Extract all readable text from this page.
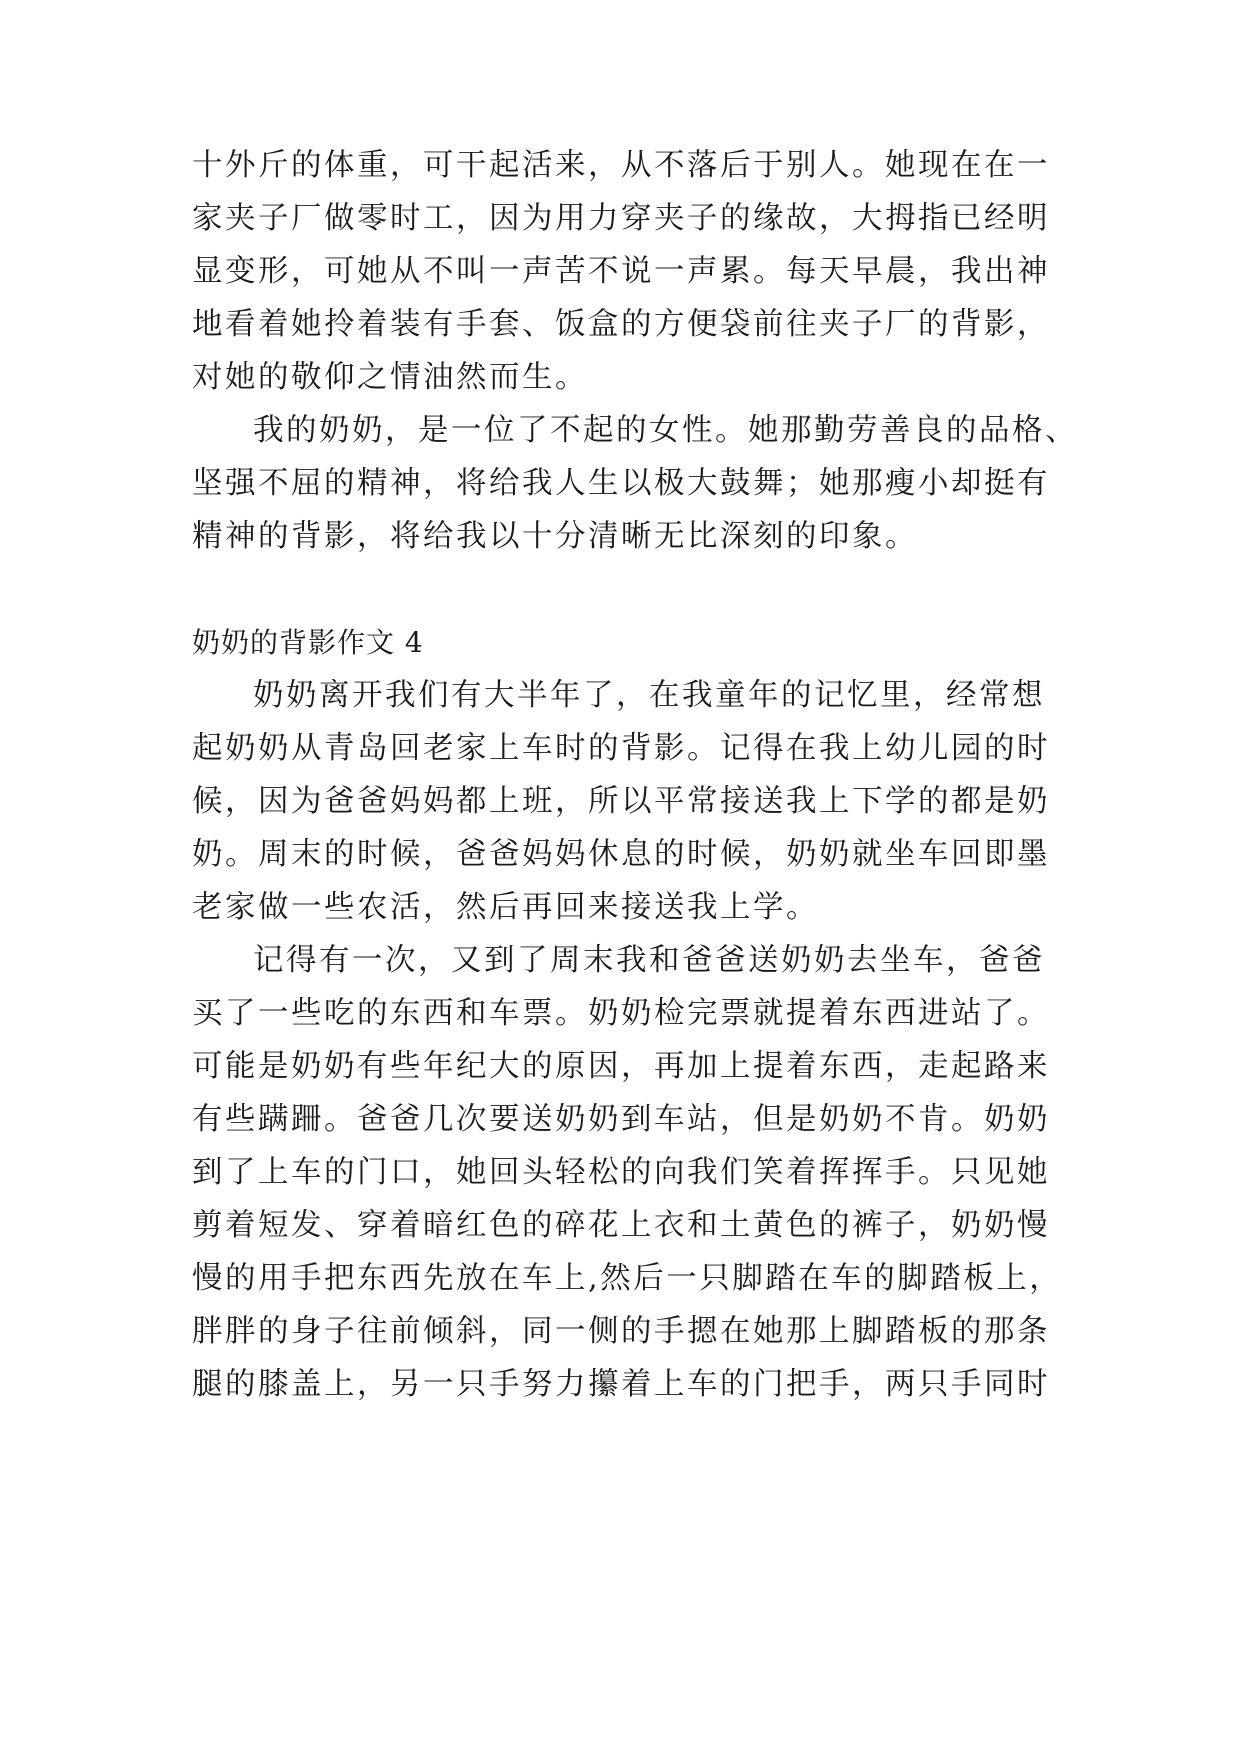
十外斤的体重，可干起活来，从不落后于别人。她现在在一
家夹子厂做零时工，因为用力穿夹子的缘故，大拇指已经明
显变形，可她从不叫一声苦不说一声累。每天早晨，我出神
地看着她拎着装有手套、饭盒的方便袋前往夹子厂的背影，
对她的敬仰之情油然而生。
我的奶奶，是一位了不起的女性。她那勤劳善良的品格、
坚强不屈的精神，将给我人生以极大鼓舞；她那瘦小却挺有
精神的背影，将给我以十分清晰无比深刻的印象。
奶奶的背影作文 4
奶奶离开我们有大半年了，在我童年的记忆里，经常想
起奶奶从青岛回老家上车时的背影。记得在我上幼儿园的时
候，因为爸爸妈妈都上班，所以平常接送我上下学的都是奶
奶。周末的时候，爸爸妈妈休息的时候，奶奶就坐车回即墨
老家做一些农活，然后再回来接送我上学。
记得有一次，又到了周末我和爸爸送奶奶去坐车，爸爸
买了一些吃的东西和车票。奶奶检完票就提着东西进站了。
可能是奶奶有些年纪大的原因，再加上提着东西，走起路来
有些蹒跚。爸爸几次要送奶奶到车站，但是奶奶不肯。奶奶
到了上车的门口，她回头轻松的向我们笑着挥挥手。只见她
剪着短发、穿着暗红色的碎花上衣和土黄色的裤子，奶奶慢
慢的用手把东西先放在车上,然后一只脚踏在车的脚踏板上，
胖胖的身子往前倾斜，同一侧的手摁在她那上脚踏板的那条
腿的膝盖上，另一只手努力攥着上车的门把手，两只手同时
